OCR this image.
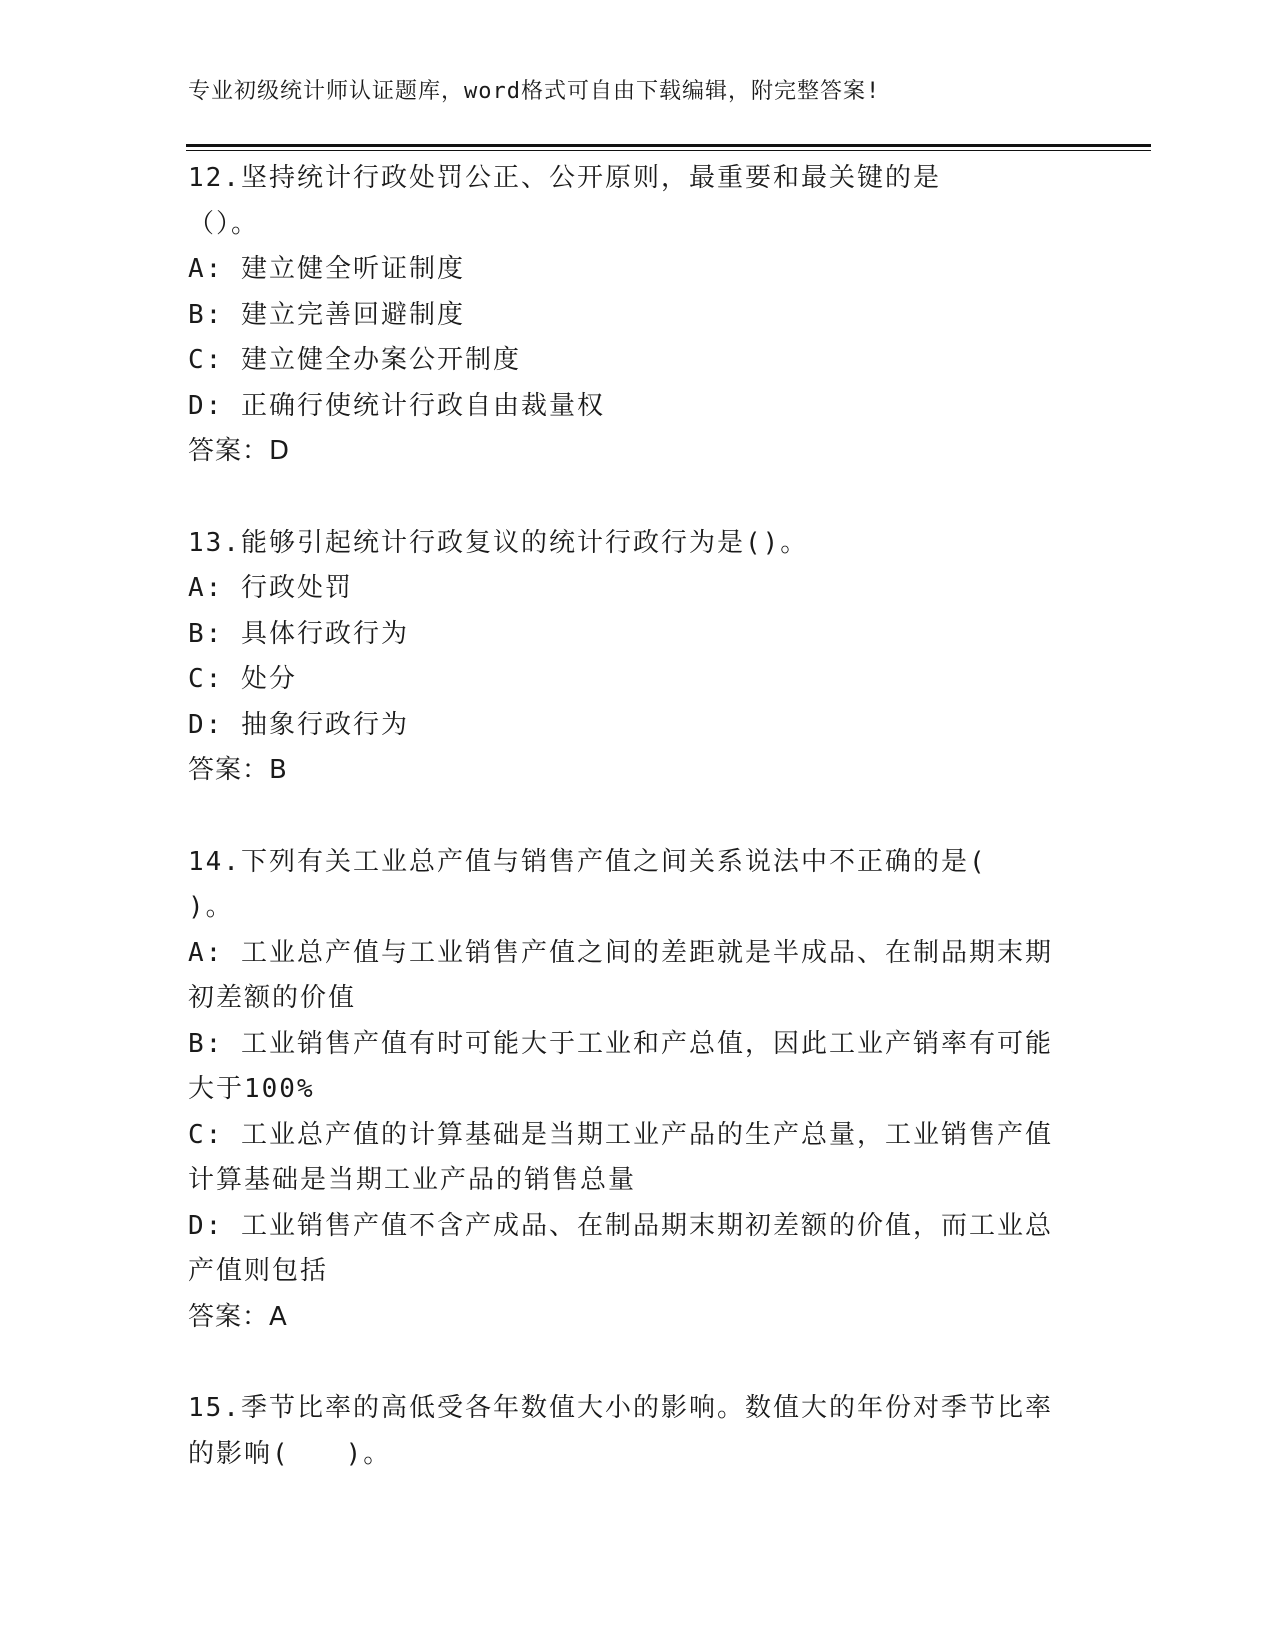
专业初级统计师认证题库，word格式可自由下载编辑，附完整答案!
12.坚持统计行政处罚公正、公开原则，最重要和最关键的是（）。
A: 建立健全听证制度
B: 建立完善回避制度
C: 建立健全办案公开制度
D: 正确行使统计行政自由裁量权
答案：D
13.能够引起统计行政复议的统计行政行为是()。
A: 行政处罚
B: 具体行政行为
C: 处分
D: 抽象行政行为
答案：B
14.下列有关工业总产值与销售产值之间关系说法中不正确的是(　　)。
A: 工业总产值与工业销售产值之间的差距就是半成品、在制品期末期初差额的价值
B: 工业销售产值有时可能大于工业和产总值，因此工业产销率有可能大于100%
C: 工业总产值的计算基础是当期工业产品的生产总量，工业销售产值计算基础是当期工业产品的销售总量
D: 工业销售产值不含产成品、在制品期末期初差额的价值，而工业总产值则包括
答案：A
15.季节比率的高低受各年数值大小的影响。数值大的年份对季节比率的影响(　　)。
